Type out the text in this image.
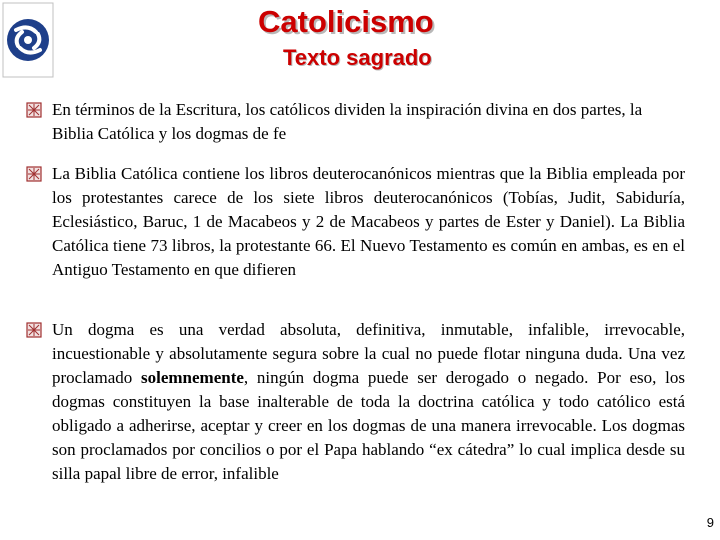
Catolicismo
Texto sagrado

En términos de la Escritura, los católicos dividen la inspiración divina en dos partes, la Biblia Católica y los dogmas de fe

La Biblia Católica contiene los libros deuterocanónicos mientras que la Biblia empleada por los protestantes carece de los siete libros deuterocanónicos (Tobías, Judit, Sabiduría, Eclesiástico, Baruc, 1 de Macabeos y 2 de Macabeos y partes de Ester y Daniel). La Biblia Católica tiene 73 libros, la protestante 66. El Nuevo Testamento es común en ambas, es en el Antiguo Testamento en que difieren

Un dogma es una verdad absoluta, definitiva, inmutable, infalible, irrevocable, incuestionable y absolutamente segura sobre la cual no puede flotar ninguna duda. Una vez proclamado solemnemente, ningún dogma puede ser derogado o negado. Por eso, los dogmas constituyen la base inalterable de toda la doctrina católica y todo católico está obligado a adherirse, aceptar y creer en los dogmas de una manera irrevocable. Los dogmas son proclamados por concilios o por el Papa hablando “ex cátedra” lo cual implica desde su silla papal libre de error, infalible

9
